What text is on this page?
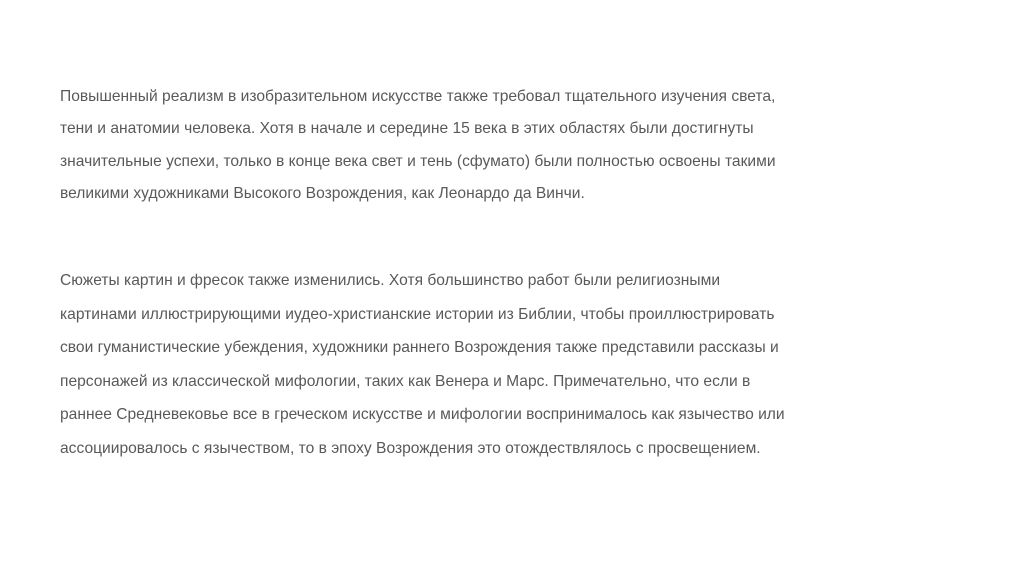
Повышенный реализм в изобразительном искусстве также требовал тщательного изучения света,
тени и анатомии человека. Хотя в начале и середине 15 века в этих областях были достигнуты
значительные успехи, только в конце века свет и тень (сфумато) были полностью освоены такими
великими художниками Высокого Возрождения, как Леонардо да Винчи.
Сюжеты картин и фресок также изменились. Хотя большинство работ были религиозными
картинами иллюстрирующими иудео-христианские истории из Библии, чтобы проиллюстрировать
свои гуманистические убеждения, художники раннего Возрождения также представили рассказы и
персонажей из классической мифологии, таких как Венера и Марс. Примечательно, что если в
раннее Средневековье все в греческом искусстве и мифологии воспринималось как язычество или
ассоциировалось с язычеством, то в эпоху Возрождения это отождествлялось с просвещением.
